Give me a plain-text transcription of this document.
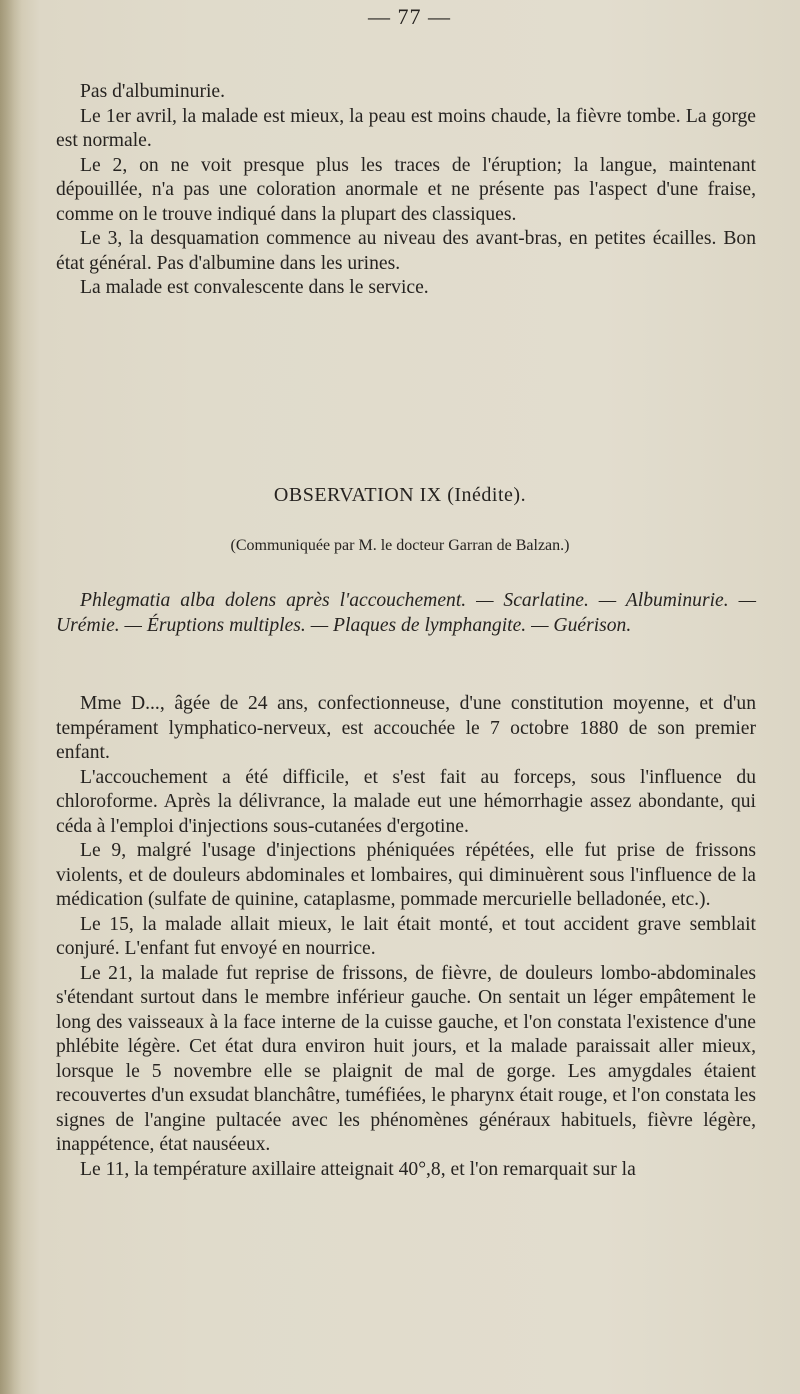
— 77 —

Pas d'albuminurie.

Le 1er avril, la malade est mieux, la peau est moins chaude, la fièvre tombe. La gorge est normale.

Le 2, on ne voit presque plus les traces de l'éruption; la langue, maintenant dépouillée, n'a pas une coloration anormale et ne présente pas l'aspect d'une fraise, comme on le trouve indiqué dans la plupart des classiques.

Le 3, la desquamation commence au niveau des avant-bras, en petites écailles. Bon état général. Pas d'albumine dans les urines.

La malade est convalescente dans le service.

OBSERVATION IX (Inédite).
(Communiquée par M. le docteur Garran de Balzan.)

Phlegmatia alba dolens après l'accouchement. — Scarlatine. — Albuminurie. — Urémie. — Éruptions multiples. — Plaques de lymphangite. — Guérison.

Mme D..., âgée de 24 ans, confectionneuse, d'une constitution moyenne, et d'un tempérament lymphatico-nerveux, est accouchée le 7 octobre 1880 de son premier enfant.

L'accouchement a été difficile, et s'est fait au forceps, sous l'influence du chloroforme. Après la délivrance, la malade eut une hémorrhagie assez abondante, qui céda à l'emploi d'injections sous-cutanées d'ergotine.

Le 9, malgré l'usage d'injections phéniquées répétées, elle fut prise de frissons violents, et de douleurs abdominales et lombaires, qui diminuèrent sous l'influence de la médication (sulfate de quinine, cataplasme, pommade mercurielle belladonée, etc.).

Le 15, la malade allait mieux, le lait était monté, et tout accident grave semblait conjuré. L'enfant fut envoyé en nourrice.

Le 21, la malade fut reprise de frissons, de fièvre, de douleurs lombo-abdominales s'étendant surtout dans le membre inférieur gauche. On sentait un léger empâtement le long des vaisseaux à la face interne de la cuisse gauche, et l'on constata l'existence d'une phlébite légère. Cet état dura environ huit jours, et la malade paraissait aller mieux, lorsque le 5 novembre elle se plaignit de mal de gorge. Les amygdales étaient recouvertes d'un exsudat blanchâtre, tuméfiées, le pharynx était rouge, et l'on constata les signes de l'angine pultacée avec les phénomènes généraux habituels, fièvre légère, inappétence, état nauséeux.

Le 11, la température axillaire atteignait 40°,8, et l'on remarquait sur la
